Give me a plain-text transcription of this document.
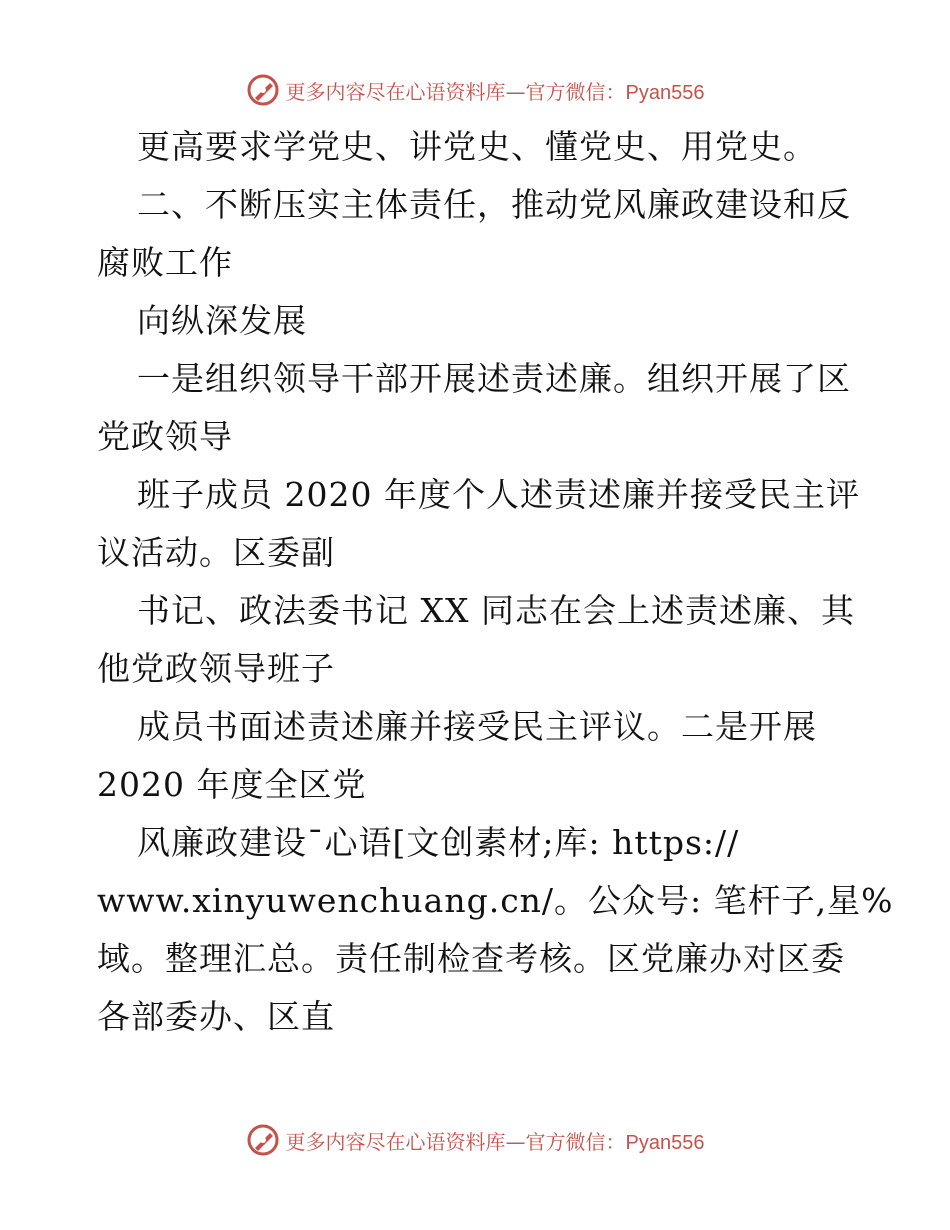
更多内容尽在心语资料库—官方微信：Pyan556
更高要求学党史、讲党史、懂党史、用党史。
二、不断压实主体责任，推动党风廉政建设和反
腐败工作
向纵深发展
一是组织领导干部开展述责述廉。组织开展了区
党政领导
班子成员 2020 年度个人述责述廉并接受民主评
议活动。区委副
书记、政法委书记 XX 同志在会上述责述廉、其
他党政领导班子
成员书面述责述廉并接受民主评议。二是开展
2020 年度全区党
风廉政建设¯心语[文创素材;库: https://
www.xinyuwenchuang.cn/。公众号: 笔杆子,星%
域。整理汇总。责任制检查考核。区党廉办对区委
各部委办、区直
更多内容尽在心语资料库—官方微信：Pyan556
